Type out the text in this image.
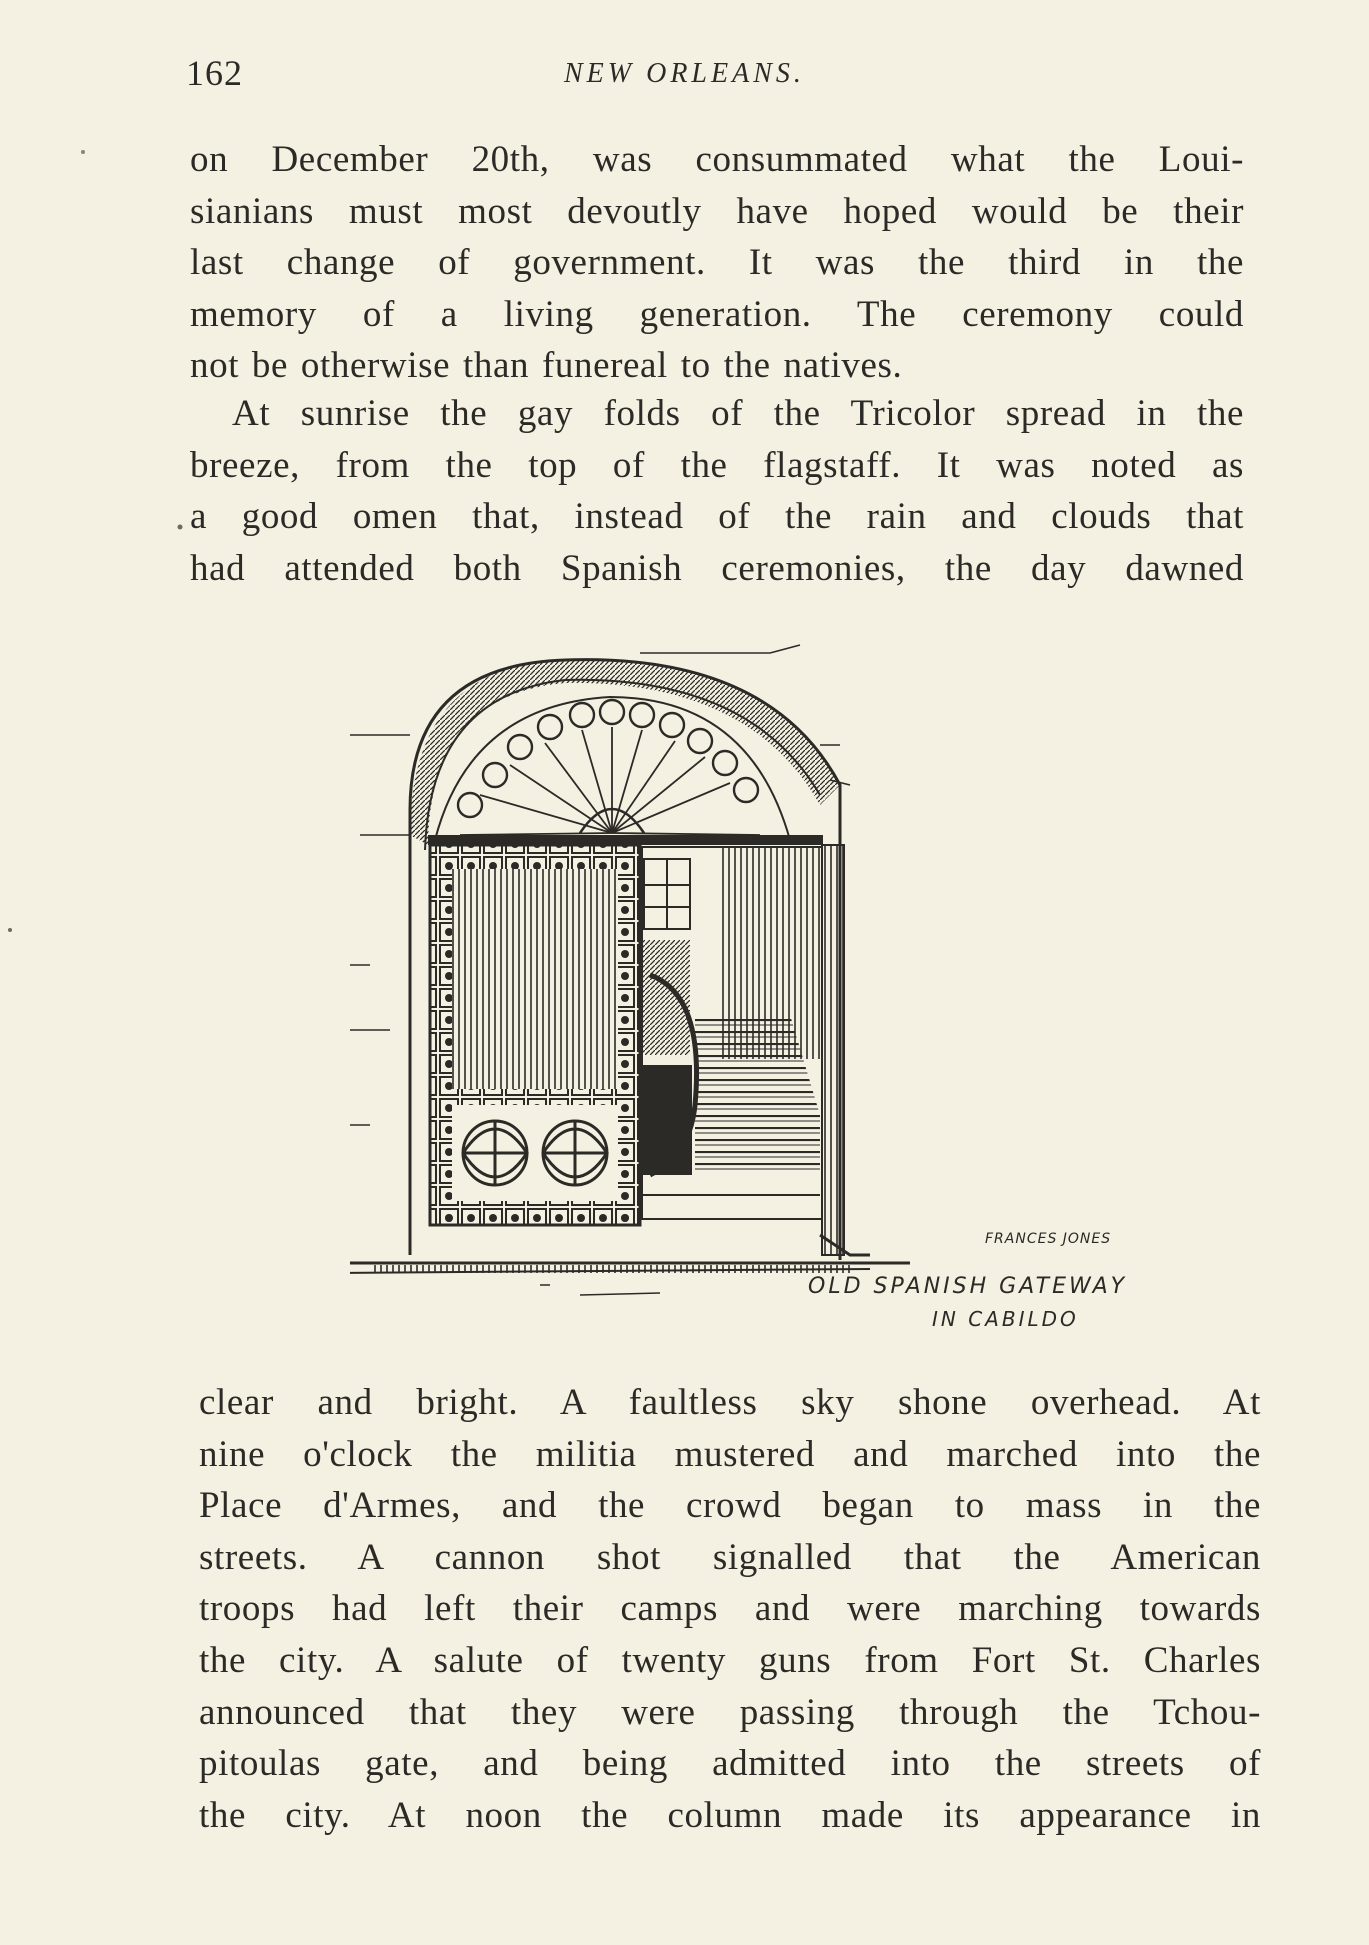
162	NEW ORLEANS.
on December 20th, was consummated what the Loui-
sianians must most devoutly have hoped would be their
last change of government. It was the third in the
memory of a living generation. The ceremony could
not be otherwise than funereal to the natives.
At sunrise the gay folds of the Tricolor spread in the
breeze, from the top of the flagstaff. It was noted as
a good omen that, instead of the rain and clouds that
had attended both Spanish ceremonies, the day dawned
FRANCES JONES
OLD SPANISH GATEWAY
IN CABILDO
clear and bright. A faultless sky shone overhead. At
nine o'clock the militia mustered and marched into the
Place d'Armes, and the crowd began to mass in the
streets. A cannon shot signalled that the American
troops had left their camps and were marching towards
the city. A salute of twenty guns from Fort St. Charles
announced that they were passing through the Tchou-
pitoulas gate, and being admitted into the streets of
the city. At noon the column made its appearance in
